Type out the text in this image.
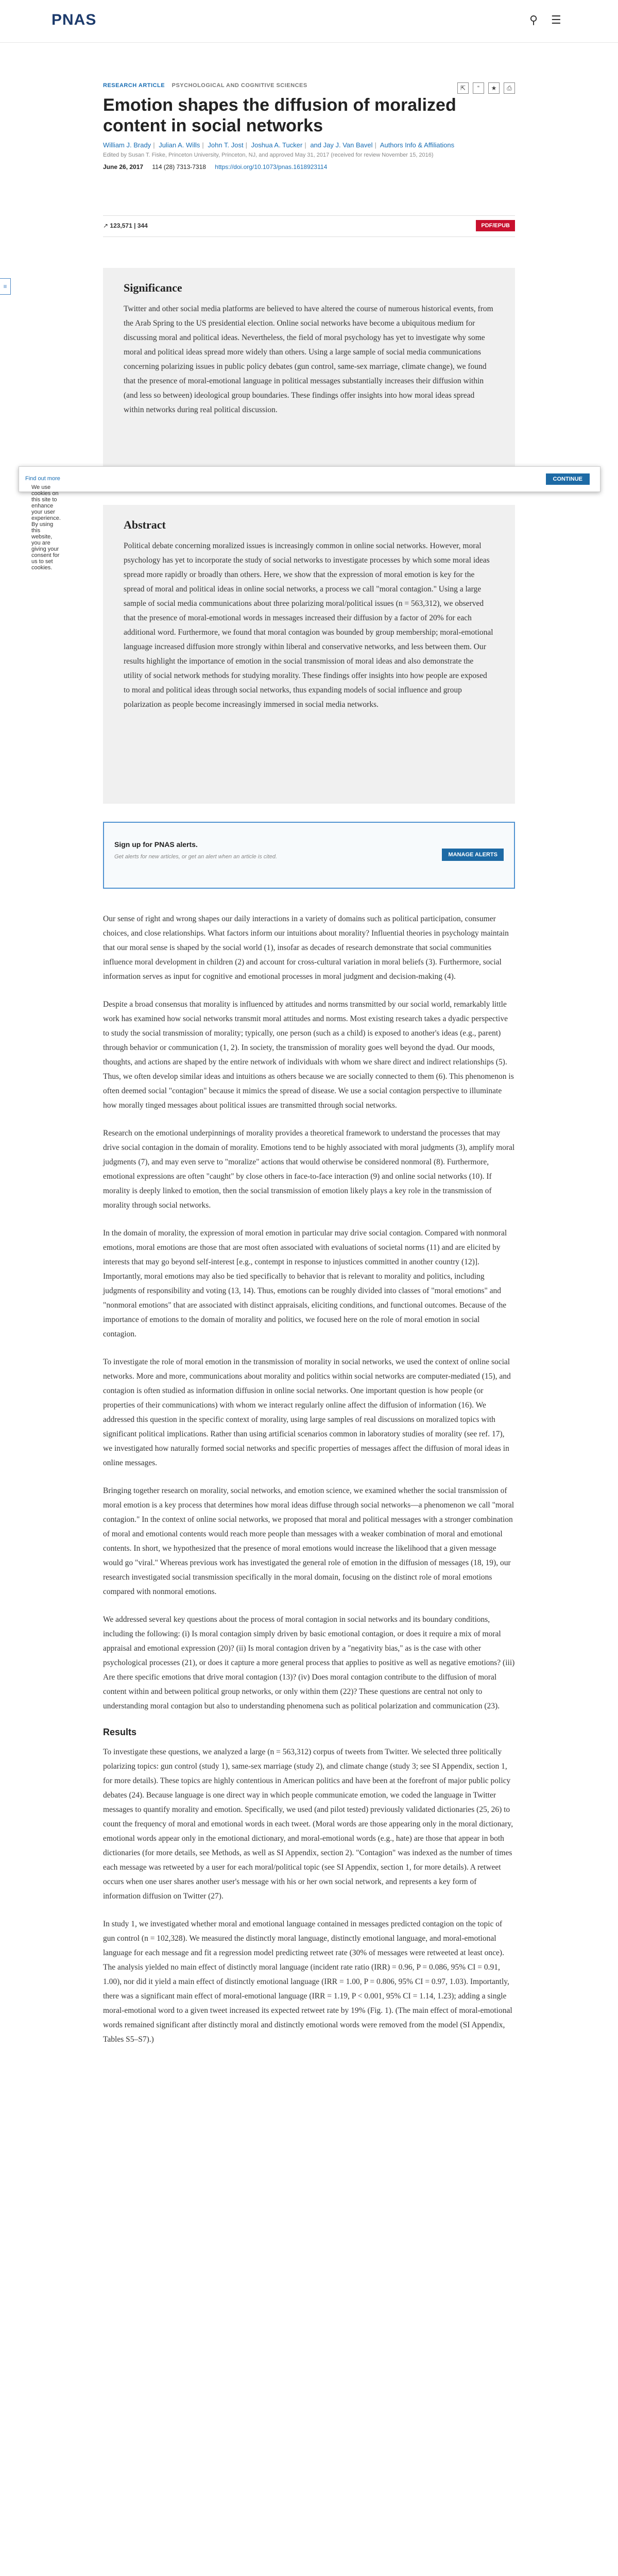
PNAS	⚲ ☰
RESEARCH ARTICLE PSYCHOLOGICAL AND COGNITIVE SCIENCES	⇱	“	★	⎙
Emotion shapes the diffusion of moralized content in social networks
William J. Brady | Julian A. Wills | John T. Jost | Joshua A. Tucker | and Jay J. Van Bavel | Authors Info & Affiliations
Edited by Susan T. Fiske, Princeton University, Princeton, NJ, and approved May 31, 2017 (received for review November 15, 2016)
June 26, 2017 114 (28) 7313-7318 https://doi.org/10.1073/pnas.1618923114
↗ 123,571 | 344	PDF/EPUB
≡	Significance

Twitter and other social media platforms are believed to have altered the course of numerous historical events, from the Arab Spring to the US presidential election. Online social networks have become a ubiquitous medium for discussing moral and political ideas. Nevertheless, the field of moral psychology has yet to investigate why some moral and political ideas spread more widely than others. Using a large sample of social media communications concerning polarizing issues in public policy debates (gun control, same-sex marriage, climate change), we found that the presence of moral-emotional language in political messages substantially increases their diffusion within (and less so between) ideological group boundaries. These findings offer insights into how moral ideas spread within networks during real political discussion.

We use cookies on this site to enhance your user experience. By using this website, you are giving your consent for us to set cookies.
Find out more	CONTINUE
Abstract

Political debate concerning moralized issues is increasingly common in online social networks. However, moral psychology has yet to incorporate the study of social networks to investigate processes by which some moral ideas spread more rapidly or broadly than others. Here, we show that the expression of moral emotion is key for the spread of moral and political ideas in online social networks, a process we call "moral contagion." Using a large sample of social media communications about three polarizing moral/political issues (n = 563,312), we observed that the presence of moral-emotional words in messages increased their diffusion by a factor of 20% for each additional word. Furthermore, we found that moral contagion was bounded by group membership; moral-emotional language increased diffusion more strongly within liberal and conservative networks, and less between them. Our results highlight the importance of emotion in the social transmission of moral ideas and also demonstrate the utility of social network methods for studying morality. These findings offer insights into how people are exposed to moral and political ideas through social networks, thus expanding models of social influence and group polarization as people become increasingly immersed in social media networks.

Sign up for PNAS alerts.
Get alerts for new articles, or get an alert when an article is cited.	MANAGE ALERTS

Our sense of right and wrong shapes our daily interactions in a variety of domains such as political participation, consumer choices, and close relationships. What factors inform our intuitions about morality? Influential theories in psychology maintain that our moral sense is shaped by the social world (1), insofar as decades of research demonstrate that social communities influence moral development in children (2) and account for cross-cultural variation in moral beliefs (3). Furthermore, social information serves as input for cognitive and emotional processes in moral judgment and decision-making (4).

Despite a broad consensus that morality is influenced by attitudes and norms transmitted by our social world, remarkably little work has examined how social networks transmit moral attitudes and norms. Most existing research takes a dyadic perspective to study the social transmission of morality; typically, one person (such as a child) is exposed to another's ideas (e.g., parent) through behavior or communication (1, 2). In society, the transmission of morality goes well beyond the dyad. Our moods, thoughts, and actions are shaped by the entire network of individuals with whom we share direct and indirect relationships (5). Thus, we often develop similar ideas and intuitions as others because we are socially connected to them (6). This phenomenon is often deemed social "contagion" because it mimics the spread of disease. We use a social contagion perspective to illuminate how morally tinged messages about political issues are transmitted through social networks.

Research on the emotional underpinnings of morality provides a theoretical framework to understand the processes that may drive social contagion in the domain of morality. Emotions tend to be highly associated with moral judgments (3), amplify moral judgments (7), and may even serve to "moralize" actions that would otherwise be considered nonmoral (8). Furthermore, emotional expressions are often "caught" by close others in face-to-face interaction (9) and online social networks (10). If morality is deeply linked to emotion, then the social transmission of emotion likely plays a key role in the transmission of morality through social networks.

In the domain of morality, the expression of moral emotion in particular may drive social contagion. Compared with nonmoral emotions, moral emotions are those that are most often associated with evaluations of societal norms (11) and are elicited by interests that may go beyond self-interest [e.g., contempt in response to injustices committed in another country (12)]. Importantly, moral emotions may also be tied specifically to behavior that is relevant to morality and politics, including judgments of responsibility and voting (13, 14). Thus, emotions can be roughly divided into classes of "moral emotions" and "nonmoral emotions" that are associated with distinct appraisals, eliciting conditions, and functional outcomes. Because of the importance of emotions to the domain of morality and politics, we focused here on the role of moral emotion in social contagion.

To investigate the role of moral emotion in the transmission of morality in social networks, we used the context of online social networks. More and more, communications about morality and politics within social networks are computer-mediated (15), and contagion is often studied as information diffusion in online social networks. One important question is how people (or properties of their communications) with whom we interact regularly online affect the diffusion of information (16). We addressed this question in the specific context of morality, using large samples of real discussions on moralized topics with significant political implications. Rather than using artificial scenarios common in laboratory studies of morality (see ref. 17), we investigated how naturally formed social networks and specific properties of messages affect the diffusion of moral ideas in online messages.

Bringing together research on morality, social networks, and emotion science, we examined whether the social transmission of moral emotion is a key process that determines how moral ideas diffuse through social networks—a phenomenon we call "moral contagion." In the context of online social networks, we proposed that moral and political messages with a stronger combination of moral and emotional contents would reach more people than messages with a weaker combination of moral and emotional contents. In short, we hypothesized that the presence of moral emotions would increase the likelihood that a given message would go "viral." Whereas previous work has investigated the general role of emotion in the diffusion of messages (18, 19), our research investigated social transmission specifically in the moral domain, focusing on the distinct role of moral emotions compared with nonmoral emotions.

We addressed several key questions about the process of moral contagion in social networks and its boundary conditions, including the following: (i) Is moral contagion simply driven by basic emotional contagion, or does it require a mix of moral appraisal and emotional expression (20)? (ii) Is moral contagion driven by a "negativity bias," as is the case with other psychological processes (21), or does it capture a more general process that applies to positive as well as negative emotions? (iii) Are there specific emotions that drive moral contagion (13)? (iv) Does moral contagion contribute to the diffusion of moral content within and between political group networks, or only within them (22)? These questions are central not only to understanding moral contagion but also to understanding phenomena such as political polarization and communication (23).

Results

To investigate these questions, we analyzed a large (n = 563,312) corpus of tweets from Twitter. We selected three politically polarizing topics: gun control (study 1), same-sex marriage (study 2), and climate change (study 3; see SI Appendix, section 1, for more details). These topics are highly contentious in American politics and have been at the forefront of major public policy debates (24). Because language is one direct way in which people communicate emotion, we coded the language in Twitter messages to quantify morality and emotion. Specifically, we used (and pilot tested) previously validated dictionaries (25, 26) to count the frequency of moral and emotional words in each tweet. (Moral words are those appearing only in the moral dictionary, emotional words appear only in the emotional dictionary, and moral-emotional words (e.g., hate) are those that appear in both dictionaries (for more details, see Methods, as well as SI Appendix, section 2). "Contagion" was indexed as the number of times each message was retweeted by a user for each moral/political topic (see SI Appendix, section 1, for more details). A retweet occurs when one user shares another user's message with his or her own social network, and represents a key form of information diffusion on Twitter (27).

In study 1, we investigated whether moral and emotional language contained in messages predicted contagion on the topic of gun control (n = 102,328). We measured the distinctly moral language, distinctly emotional language, and moral-emotional language for each message and fit a regression model predicting retweet rate (30% of messages were retweeted at least once). The analysis yielded no main effect of distinctly moral language (incident rate ratio (IRR) = 0.96, P = 0.086, 95% CI = 0.91, 1.00), nor did it yield a main effect of distinctly emotional language (IRR = 1.00, P = 0.806, 95% CI = 0.97, 1.03). Importantly, there was a significant main effect of moral-emotional language (IRR = 1.19, P < 0.001, 95% CI = 1.14, 1.23); adding a single moral-emotional word to a given tweet increased its expected retweet rate by 19% (Fig. 1). (The main effect of moral-emotional words remained significant after distinctly moral and distinctly emotional words were removed from the model (SI Appendix, Tables S5–S7).)
